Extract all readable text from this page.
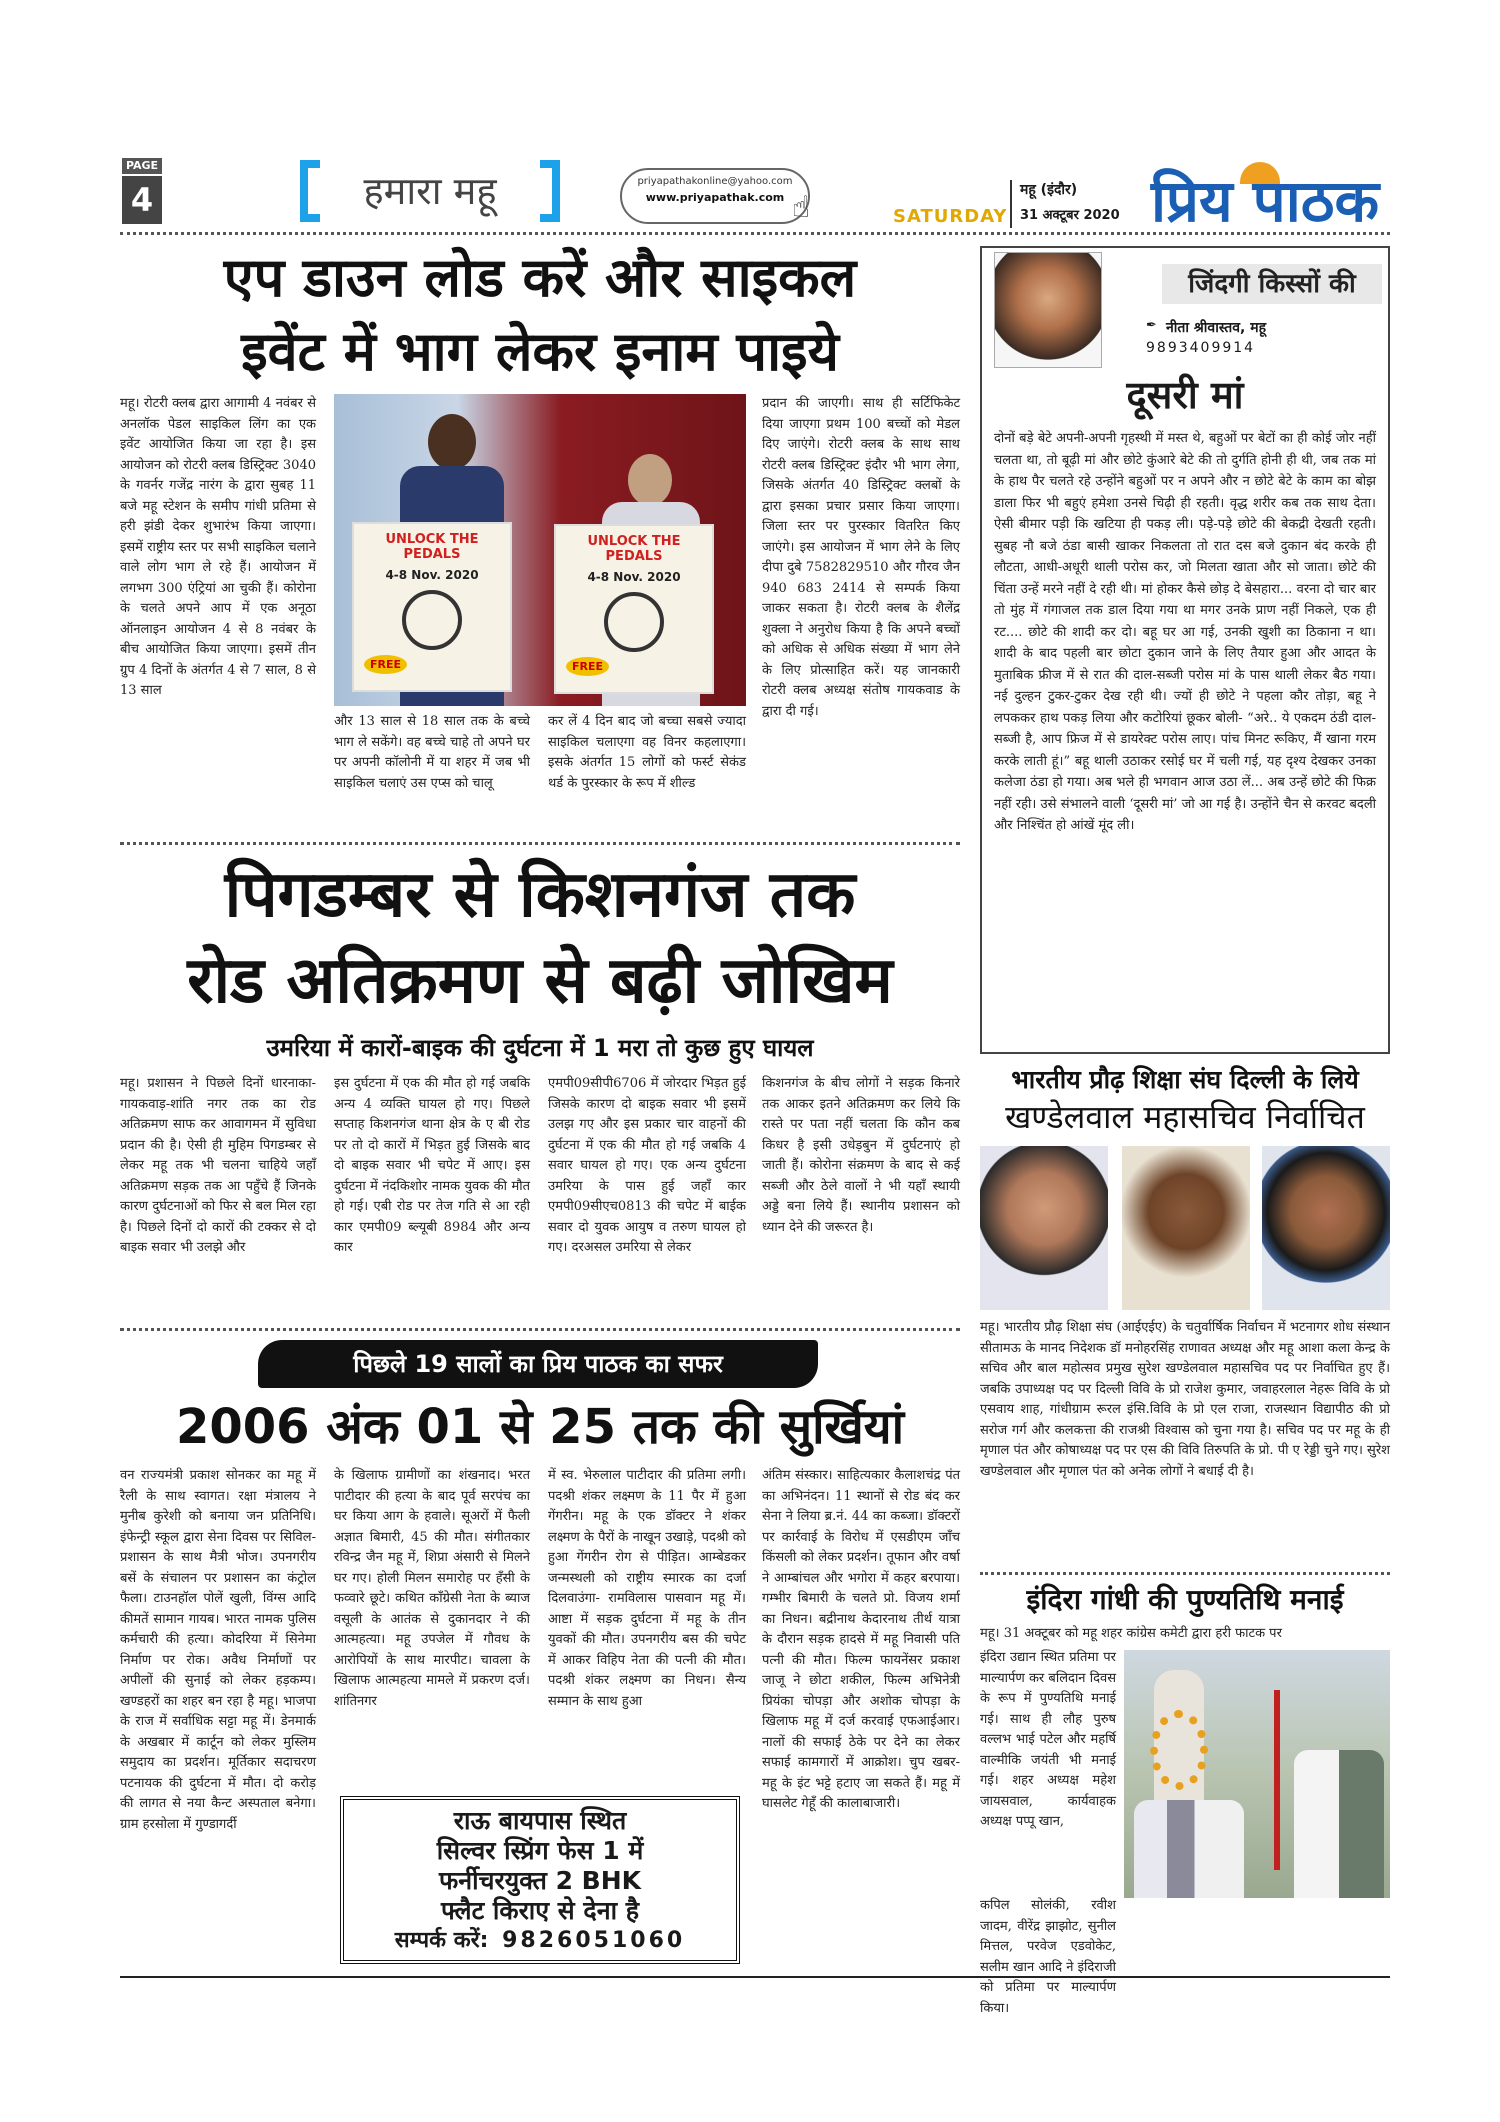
PAGE
4	हमारा महू	priyapathakonline@yahoo.com
www.priyapathak.com ☝	SATURDAY
महू (इंदौर)
31 अक्टूबर 2020 प्रिय पाठक
एप डाउन लोड करें और साइकल
इवेंट में भाग लेकर इनाम पाइये
महू। रोटरी क्लब द्वारा आगामी 4 नवंबर से अनलॉक पेडल साइकिल लिंग का एक इवेंट आयोजित किया जा रहा है। इस आयोजन को रोटरी क्लब डिस्ट्रिक्ट 3040 के गवर्नर गजेंद्र नारंग के द्वारा सुबह 11 बजे महू स्टेशन के समीप गांधी प्रतिमा से हरी झंडी देकर शुभारंभ किया जाएगा। इसमें राष्ट्रीय स्तर पर सभी साइकिल चलाने वाले लोग भाग ले रहे हैं। आयोजन में लगभग 300 एंट्रियां आ चुकी हैं। कोरोना के चलते अपने आप में एक अनूठा ऑनलाइन आयोजन 4 से 8 नवंबर के बीच आयोजित किया जाएगा। इसमें तीन ग्रुप 4 दिनों के अंतर्गत 4 से 7 साल, 8 से 13 साल
UNLOCK THE PEDALS
4-8 Nov. 2020
FREE
UNLOCK THE PEDALS
4-8 Nov. 2020
FREE
और 13 साल से 18 साल तक के बच्चे भाग ले सकेंगे। वह बच्चे चाहे तो अपने घर पर अपनी कॉलोनी में या शहर में जब भी साइकिल चलाएं उस एप्स को चालू
कर लें 4 दिन बाद जो बच्चा सबसे ज्यादा साइकिल चलाएगा वह विनर कहलाएगा। इसके अंतर्गत 15 लोगों को फर्स्ट सेकंड थर्ड के पुरस्कार के रूप में शील्ड
प्रदान की जाएगी। साथ ही सर्टिफिकेट दिया जाएगा प्रथम 100 बच्चों को मेडल दिए जाएंगे। रोटरी क्लब के साथ साथ रोटरी क्लब डिस्ट्रिक्ट इंदौर भी भाग लेगा, जिसके अंतर्गत 40 डिस्ट्रिक्ट क्लबों के द्वारा इसका प्रचार प्रसार किया जाएगा। जिला स्तर पर पुरस्कार वितरित किए जाएंगे। इस आयोजन में भाग लेने के लिए दीपा दुबे 7582829510 और गौरव जैन 940 683 2414 से सम्पर्क किया जाकर सकता है। रोटरी क्लब के शैलेंद्र शुक्ला ने अनुरोध किया है कि अपने बच्चों को अधिक से अधिक संख्या में भाग लेने के लिए प्रोत्साहित करें। यह जानकारी रोटरी क्लब अध्यक्ष संतोष गायकवाड के द्वारा दी गई।
जिंदगी किस्सों की
✒ नीता श्रीवास्तव, महू
9893409914
दूसरी मां
दोनों बड़े बेटे अपनी-अपनी गृहस्थी में मस्त थे, बहुओं पर बेटों का ही कोई जोर नहीं चलता था, तो बूढ़ी मां और छोटे कुंआरे बेटे की तो दुर्गति होनी ही थी, जब तक मां के हाथ पैर चलते रहे उन्होंने बहुओं पर न अपने और न छोटे बेटे के काम का बोझ डाला फिर भी बहुएं हमेशा उनसे चिढ़ी ही रहती। वृद्ध शरीर कब तक साथ देता। ऐसी बीमार पड़ी कि खटिया ही पकड़ ली। पड़े-पड़े छोटे की बेकद्री देखती रहती। सुबह नौ बजे ठंडा बासी खाकर निकलता तो रात दस बजे दुकान बंद करके ही लौटता, आधी-अधूरी थाली परोस कर, जो मिलता खाता और सो जाता। छोटे की चिंता उन्हें मरने नहीं दे रही थी। मां होकर कैसे छोड़ दे बेसहारा... वरना दो चार बार तो मुंह में गंगाजल तक डाल दिया गया था मगर उनके प्राण नहीं निकले, एक ही रट.... छोटे की शादी कर दो। बहू घर आ गई, उनकी खुशी का ठिकाना न था। शादी के बाद पहली बार छोटा दुकान जाने के लिए तैयार हुआ और आदत के मुताबिक फ्रीज में से रात की दाल-सब्जी परोस मां के पास थाली लेकर बैठ गया। नई दुल्हन टुकर-टुकर देख रही थी। ज्यों ही छोटे ने पहला कौर तोड़ा, बहू ने लपककर हाथ पकड़ लिया और कटोरियां छूकर बोली- “अरे.. ये एकदम ठंडी दाल-सब्जी है, आप फ्रिज में से डायरेक्ट परोस लाए। पांच मिनट रूकिए, मैं खाना गरम करके लाती हूं।” बहू थाली उठाकर रसोई घर में चली गई, यह दृश्य देखकर उनका कलेजा ठंडा हो गया। अब भले ही भगवान आज उठा लें... अब उन्हें छोटे की फिक्र नहीं रही। उसे संभालने वाली ‘दूसरी मां’ जो आ गई है। उन्होंने चैन से करवट बदली और निश्चिंत हो आंखें मूंद ली।
पिगडम्बर से किशनगंज तक
रोड अतिक्रमण से बढ़ी जोखिम
उमरिया में कारों-बाइक की दुर्घटना में 1 मरा तो कुछ हुए घायल
महू। प्रशासन ने पिछले दिनों धारनाका-गायकवाड़-शांति नगर तक का रोड अतिक्रमण साफ कर आवागमन में सुविधा प्रदान की है। ऐसी ही मुहिम पिगडम्बर से लेकर महू तक भी चलना चाहिये जहाँ अतिक्रमण सड़क तक आ पहुँचे हैं जिनके कारण दुर्घटनाओं को फिर से बल मिल रहा है। पिछले दिनों दो कारों की टक्कर से दो बाइक सवार भी उलझे और
इस दुर्घटना में एक की मौत हो गई जबकि अन्य 4 व्यक्ति घायल हो गए। पिछले सप्ताह किशनगंज थाना क्षेत्र के ए बी रोड पर तो दो कारों में भिड़त हुई जिसके बाद दो बाइक सवार भी चपेट में आए। इस दुर्घटना में नंदकिशोर नामक युवक की मौत हो गई। एबी रोड पर तेज गति से आ रही कार एमपी09 ब्ल्यूबी 8984 और अन्य कार
एमपी09सीपी6706 में जोरदार भिड़त हुई जिसके कारण दो बाइक सवार भी इसमें उलझ गए और इस प्रकार चार वाहनों की दुर्घटना में एक की मौत हो गई जबकि 4 सवार घायल हो गए। एक अन्य दुर्घटना उमरिया के पास हुई जहाँ कार एमपी09सीएच0813 की चपेट में बाईक सवार दो युवक आयुष व तरुण घायल हो गए। दरअसल उमरिया से लेकर
किशनगंज के बीच लोगों ने सड़क किनारे तक आकर इतने अतिक्रमण कर लिये कि रास्ते पर पता नहीं चलता कि कौन कब किधर है इसी उधेड़बुन में दुर्घटनाएं हो जाती हैं। कोरोना संक्रमण के बाद से कई सब्जी और ठेले वालों ने भी यहाँ स्थायी अड्डे बना लिये हैं। स्थानीय प्रशासन को ध्यान देने की जरूरत है।
भारतीय प्रौढ़ शिक्षा संघ दिल्ली के लिये
खण्डेलवाल महासचिव निर्वाचित
महू। भारतीय प्रौढ़ शिक्षा संघ (आईएईए) के चतुर्वार्षिक निर्वाचन में भटनागर शोध संस्थान सीतामऊ के मानद निदेशक डॉ मनोहरसिंह राणावत अध्यक्ष और महू आशा कला केन्द्र के सचिव और बाल महोत्सव प्रमुख सुरेश खण्डेलवाल महासचिव पद पर निर्वाचित हुए हैं। जबकि उपाध्यक्ष पद पर दिल्ली विवि के प्रो राजेश कुमार, जवाहरलाल नेहरू विवि के प्रो एसवाय शाह, गांधीग्राम रूरल इंसि.विवि के प्रो एल राजा, राजस्थान विद्यापीठ की प्रो सरोज गर्ग और कलकत्ता की राजश्री विश्वास को चुना गया है। सचिव पद पर महू के ही मृणाल पंत और कोषाध्यक्ष पद पर एस की विवि तिरुपति के प्रो. पी ए रेड्डी चुने गए। सुरेश खण्डेलवाल और मृणाल पंत को अनेक लोगों ने बधाई दी है।
पिछले 19 सालों का प्रिय पाठक का सफर
2006 अंक 01 से 25 तक की सुर्खियां
वन राज्यमंत्री प्रकाश सोनकर का महू में रैली के साथ स्वागत। रक्षा मंत्रालय ने मुनीब कुरेशी को बनाया जन प्रतिनिधि। इंफेन्ट्री स्कूल द्वारा सेना दिवस पर सिविल-प्रशासन के साथ मैत्री भोज। उपनगरीय बसें के संचालन पर प्रशासन का कंट्रोल फैला। टाउनहॉल पोलें खुली, विंग्स आदि कीमतें सामान गायब। भारत नामक पुलिस कर्मचारी की हत्या। कोदरिया में सिनेमा निर्माण पर रोक। अवैध निर्माणों पर अपीलों की सुनाई को लेकर हड़कम्प। खण्डहरों का शहर बन रहा है महू। भाजपा के राज में सर्वाधिक सट्टा महू में। डेनमार्क के अखबार में कार्टून को लेकर मुस्लिम समुदाय का प्रदर्शन। मूर्तिकार सदाचरण पटनायक की दुर्घटना में मौत। दो करोड़ की लागत से नया कैन्ट अस्पताल बनेगा। ग्राम हरसोला में गुण्डागर्दी
के खिलाफ ग्रामीणों का शंखनाद। भरत पाटीदार की हत्या के बाद पूर्व सरपंच का घर किया आग के हवाले। सूअरों में फैली अज्ञात बिमारी, 45 की मौत। संगीतकार रविन्द्र जैन महू में, शिप्रा अंसारी से मिलने घर गए। होली मिलन समारोह पर हँसी के फव्वारे छूटे। कथित कॉंग्रेसी नेता के ब्याज वसूली के आतंक से दुकानदार ने की आत्महत्या। महू उपजेल में गौवध के आरोपियों के साथ मारपीट। चावला के खिलाफ आत्महत्या मामले में प्रकरण दर्ज। शांतिनगर
में स्व. भेरुलाल पाटीदार की प्रतिमा लगी। पदश्री शंकर लक्ष्मण के 11 पैर में हुआ गेंगरीन। महू के एक डॉक्टर ने शंकर लक्ष्मण के पैरों के नाखून उखाड़े, पदश्री को हुआ गेंगरीन रोग से पीड़ित। आम्बेडकर जन्मस्थली को राष्ट्रीय स्मारक का दर्जा दिलवाउंगा- रामविलास पासवान महू में। आष्टा में सड़क दुर्घटना में महू के तीन युवकों की मौत। उपनगरीय बस की चपेट में आकर विहिप नेता की पत्नी की मौत। पदश्री शंकर लक्ष्मण का निधन। सैन्य सम्मान के साथ हुआ
अंतिम संस्कार। साहित्यकार कैलाशचंद्र पंत का अभिनंदन। 11 स्थानों से रोड बंद कर सेना ने लिया ब्र.नं. 44 का कब्जा। डॉक्टरों पर कार्रवाई के विरोध में एसडीएम जाँच किंसली को लेकर प्रदर्शन। तूफान और वर्षा ने आम्बांचल और भगोरा में कहर बरपाया। गम्भीर बिमारी के चलते प्रो. विजय शर्मा का निधन। बद्रीनाथ केदारनाथ तीर्थ यात्रा के दौरान सड़क हादसे में महू निवासी पति पत्नी की मौत। फिल्म फायनेंसर प्रकाश जाजू ने छोटा शकील, फिल्म अभिनेत्री प्रियंका चोपड़ा और अशोक चोपड़ा के खिलाफ महू में दर्ज करवाई एफआईआर। नालों की सफाई ठेके पर देने का लेकर सफाई कामगारों में आक्रोश। चुप खबर- महू के इंट भट्टे हटाए जा सकते हैं। महू में घासलेट गेहूँ की कालाबाजारी।
राऊ बायपास स्थित
सिल्वर स्प्रिंग फेस 1 में
फर्नीचरयुक्त 2 BHK
फ्लैट किराए से देना है
सम्पर्क करें: 9826051060
इंदिरा गांधी की पुण्यतिथि मनाई
महू। 31 अक्टूबर को महू शहर कांग्रेस कमेटी द्वारा हरी फाटक पर
इंदिरा उद्यान स्थित प्रतिमा पर माल्यार्पण कर बलिदान दिवस के रूप में पुण्यतिथि मनाई गई। साथ ही लौह पुरुष वल्लभ भाई पटेल और महर्षि वाल्मीकि जयंती भी मनाई गई। शहर अध्यक्ष महेश जायसवाल, कार्यवाहक अध्यक्ष पप्पू खान,
कपिल सोलंकी, रवीश जादम, वीरेंद्र झाझोट, सुनील मित्तल, परवेज एडवोकेट, सलीम खान आदि ने इंदिराजी को प्रतिमा पर माल्यार्पण किया।
